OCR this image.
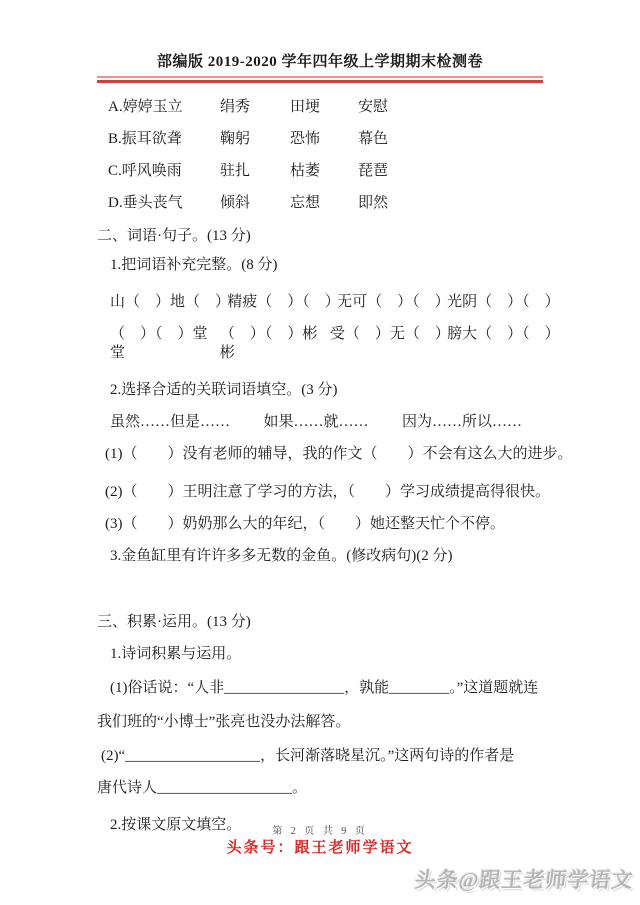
部编版 2019-2020 学年四年级上学期期末检测卷
A.婷婷玉立	绢秀	田埂	安慰
B.振耳欲聋	鞠躬	恐怖	幕色
C.呼风唤雨	驻扎	枯萎	琵琶
D.垂头丧气	倾斜	忘想	即然

二、词语·句子。(13 分)

1.把词语补充完整。(8 分)

山（　）地（　）
精疲（　）（　）
无可（　）（　）
光阴（　）（　）
（　）（　）堂堂
（　）（　）彬彬
受（　）无（　）
膀大（　）（　）

2.选择合适的关联词语填空。(3 分)

虽然……但是…… 如果……就…… 因为……所以……

(1)（　　）没有老师的辅导，我的作文（　　）不会有这么大的进步。

(2)（　　）王明注意了学习的方法，（　　）学习成绩提高得很快。

(3)（　　）奶奶那么大的年纪，（　　）她还整天忙个不停。

3.金鱼缸里有许许多多无数的金鱼。(修改病句)(2 分)

三、积累·运用。(13 分)

1.诗词积累与运用。

(1)俗话说：“人非________________，孰能________。”这道题就连

我们班的“小博士”张亮也没办法解答。

(2)“__________________，长河渐落晓星沉。”这两句诗的作者是

唐代诗人__________________。

2.按课文原文填空。	第 2 页 共 9 页
头条号：跟王老师学语文
头条@跟王老师学语文
